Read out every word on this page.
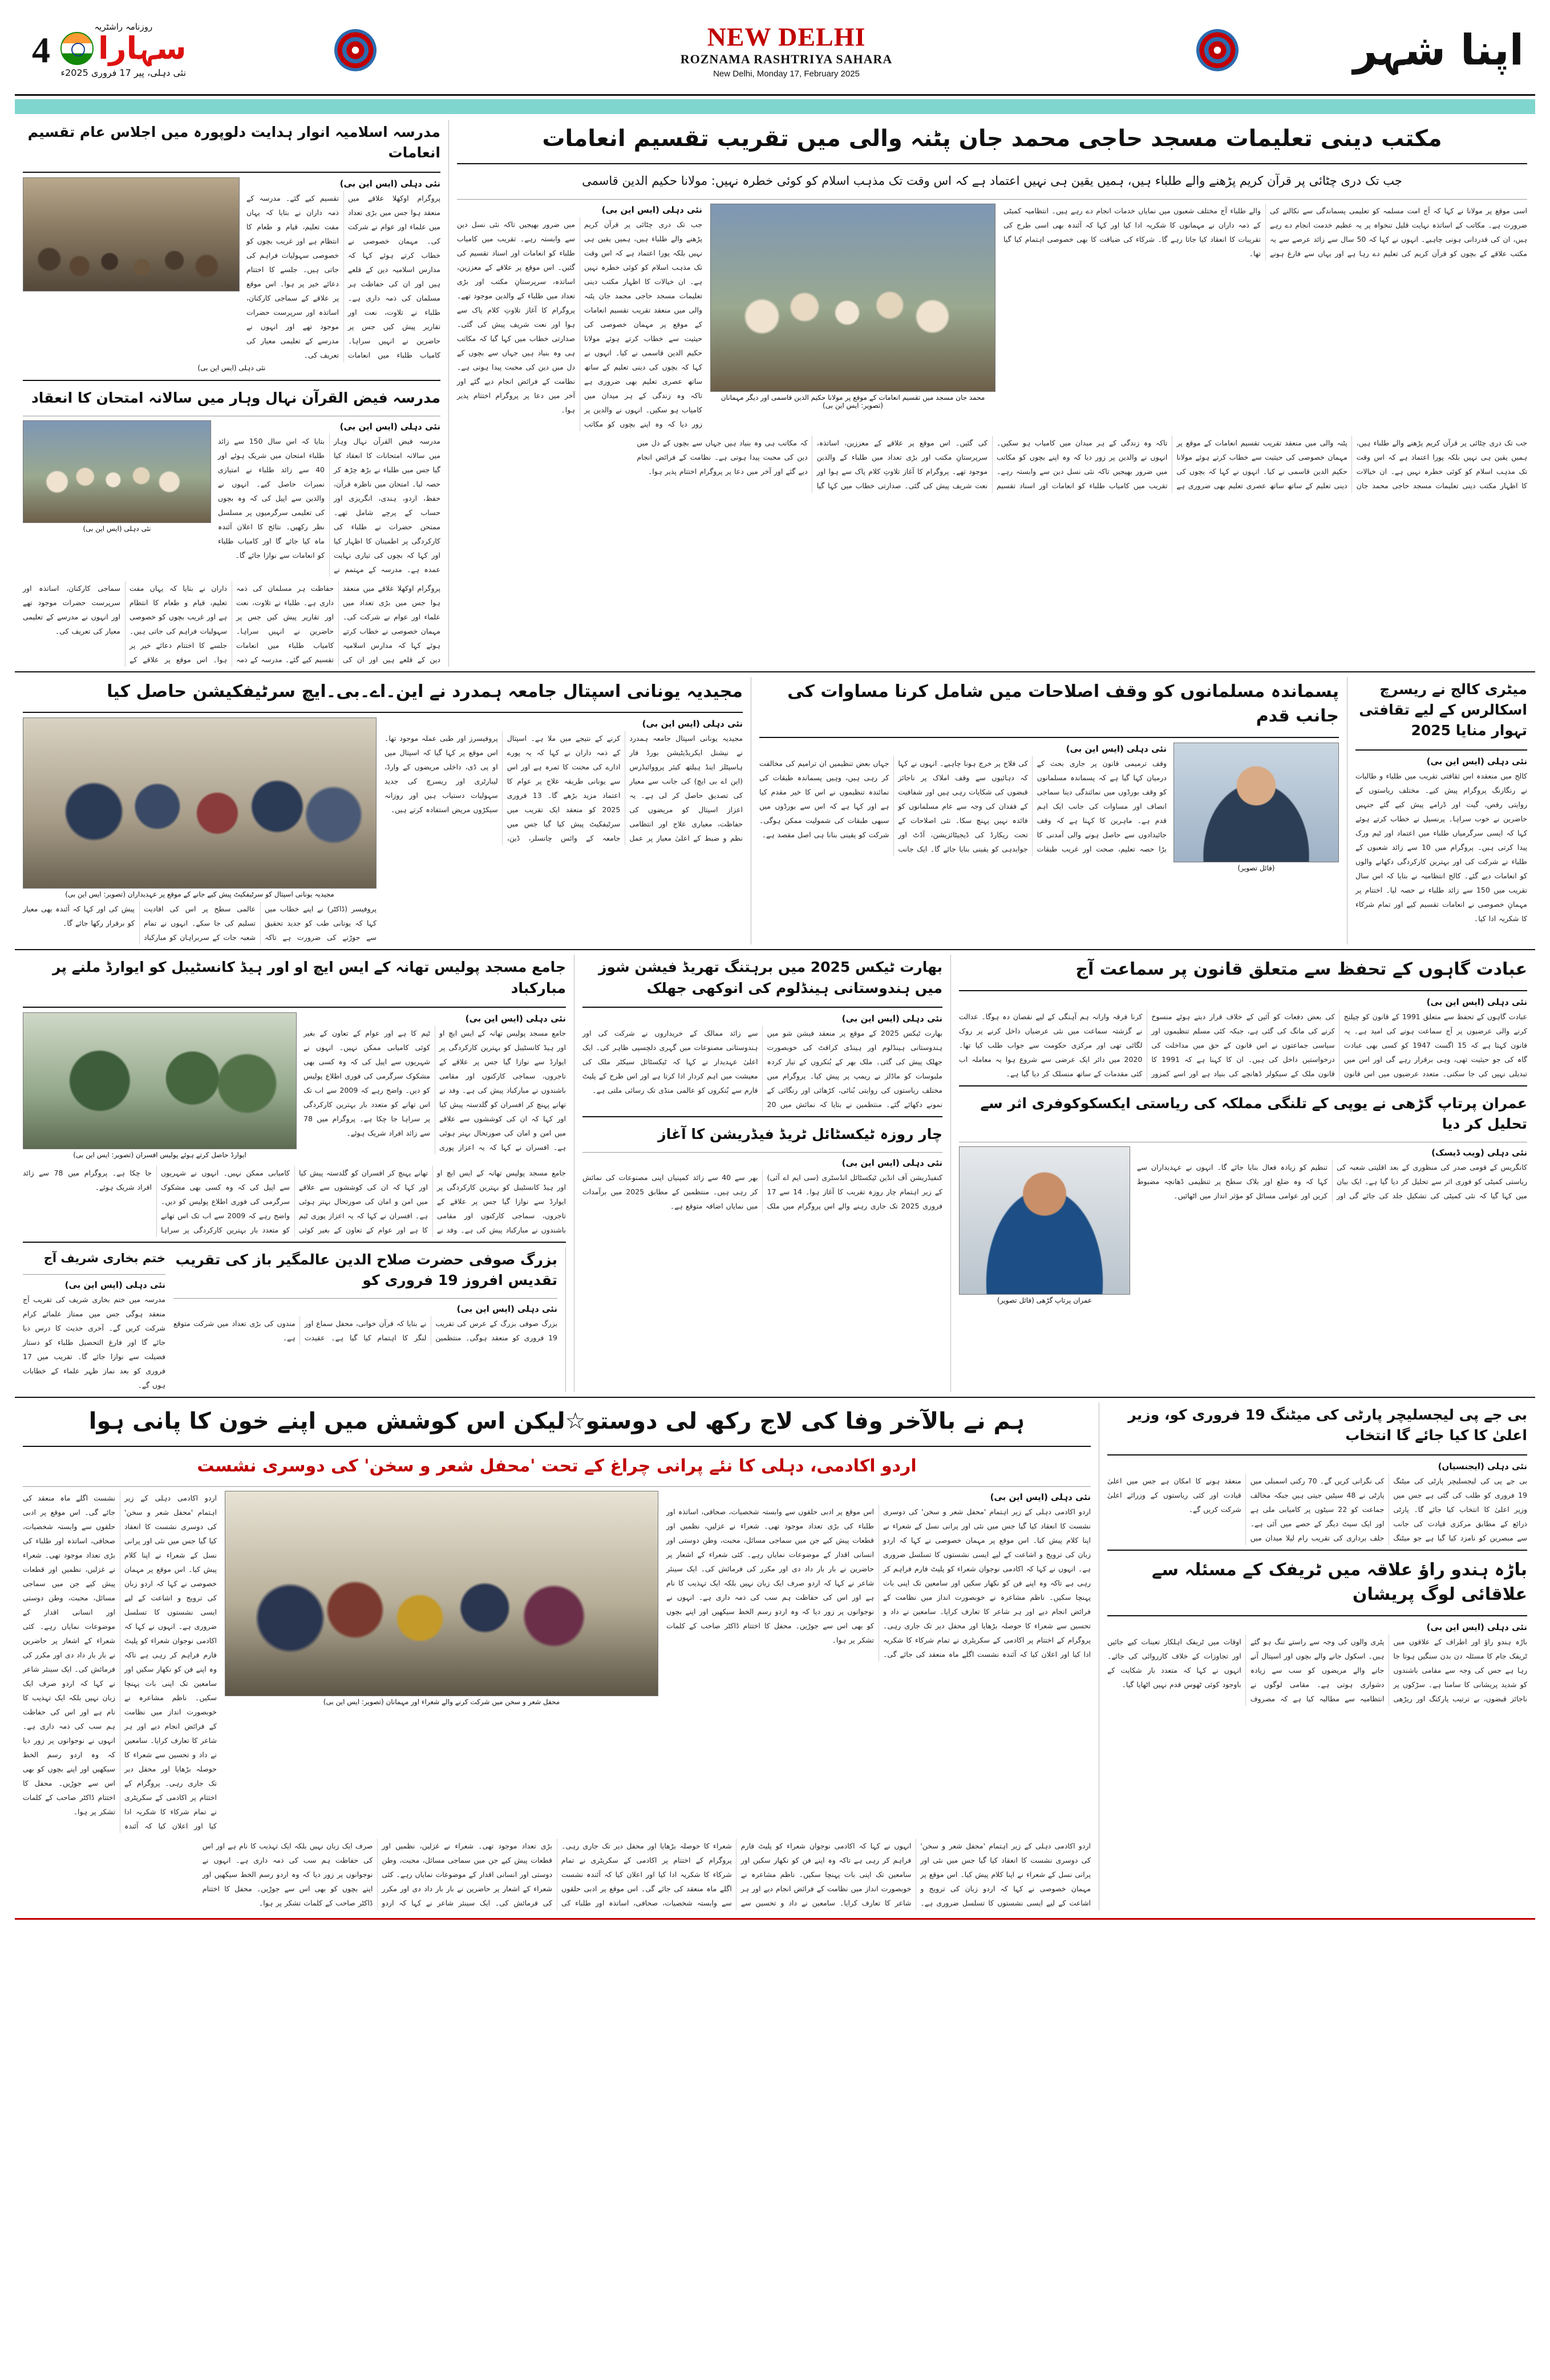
4
روزنامہ راشٹریہ
سہارا
نئی دہلی، پیر 17 فروری 2025ء
NEW DELHI
ROZNAMA RASHTRIYA SAHARA
New Delhi, Monday 17, February 2025	اپنا شہر
مدرسہ اسلامیہ انوار ہدایت دلوپورہ میں اجلاس عام تقسیم انعامات
نئی دہلی (ایس این بی)
پروگرام اوکھلا علاقے میں منعقد ہوا جس میں بڑی تعداد میں علماء اور عوام نے شرکت کی۔ مہمان خصوصی نے خطاب کرتے ہوئے کہا کہ مدارس اسلامیہ دین کے قلعے ہیں اور ان کی حفاظت ہر مسلمان کی ذمہ داری ہے۔ طلباء نے تلاوت، نعت اور تقاریر پیش کیں جس پر حاضرین نے انہیں سراہا۔ کامیاب طلباء میں انعامات تقسیم کیے گئے۔ مدرسہ کے ذمہ داران نے بتایا کہ یہاں مفت تعلیم، قیام و طعام کا انتظام ہے اور غریب بچوں کو خصوصی سہولیات فراہم کی جاتی ہیں۔ جلسے کا اختتام دعائے خیر پر ہوا۔ اس موقع پر علاقے کے سماجی کارکنان، اساتذہ اور سرپرست حضرات موجود تھے اور انہوں نے مدرسے کے تعلیمی معیار کی تعریف کی۔
نئی دہلی (ایس این بی)
مدرسہ فیض القرآن نہال وہار میں سالانہ امتحان کا انعقاد
نئی دہلی (ایس این بی)
نئی دہلی (ایس این بی)
مدرسہ فیض القرآن نہال وہار میں سالانہ امتحانات کا انعقاد کیا گیا جس میں طلباء نے بڑھ چڑھ کر حصہ لیا۔ امتحان میں ناظرہ قرآن، حفظ، اردو، ہندی، انگریزی اور حساب کے پرچے شامل تھے۔ ممتحن حضرات نے طلباء کی کارکردگی پر اطمینان کا اظہار کیا اور کہا کہ بچوں کی تیاری نہایت عمدہ ہے۔ مدرسہ کے مہتمم نے بتایا کہ اس سال 150 سے زائد طلباء امتحان میں شریک ہوئے اور 40 سے زائد طلباء نے امتیازی نمبرات حاصل کیے۔ انہوں نے والدین سے اپیل کی کہ وہ بچوں کی تعلیمی سرگرمیوں پر مسلسل نظر رکھیں۔ نتائج کا اعلان آئندہ ماہ کیا جائے گا اور کامیاب طلباء کو انعامات سے نوازا جائے گا۔
پروگرام اوکھلا علاقے میں منعقد ہوا جس میں بڑی تعداد میں علماء اور عوام نے شرکت کی۔ مہمان خصوصی نے خطاب کرتے ہوئے کہا کہ مدارس اسلامیہ دین کے قلعے ہیں اور ان کی حفاظت ہر مسلمان کی ذمہ داری ہے۔ طلباء نے تلاوت، نعت اور تقاریر پیش کیں جس پر حاضرین نے انہیں سراہا۔ کامیاب طلباء میں انعامات تقسیم کیے گئے۔ مدرسہ کے ذمہ داران نے بتایا کہ یہاں مفت تعلیم، قیام و طعام کا انتظام ہے اور غریب بچوں کو خصوصی سہولیات فراہم کی جاتی ہیں۔ جلسے کا اختتام دعائے خیر پر ہوا۔ اس موقع پر علاقے کے سماجی کارکنان، اساتذہ اور سرپرست حضرات موجود تھے اور انہوں نے مدرسے کے تعلیمی معیار کی تعریف کی۔
مکتب دینی تعلیمات مسجد حاجی محمد جان پٹنہ والی میں تقریب تقسیم انعامات
جب تک دری چٹائی پر قرآن کریم پڑھنے والے طلباء ہیں، ہمیں یقین ہی نہیں اعتماد ہے کہ اس وقت تک مذہب اسلام کو کوئی خطرہ نہیں: مولانا حکیم الدین قاسمی
نئی دہلی (ایس این بی)
جب تک دری چٹائی پر قرآن کریم پڑھنے والے طلباء ہیں، ہمیں یقین ہی نہیں بلکہ پورا اعتماد ہے کہ اس وقت تک مذہب اسلام کو کوئی خطرہ نہیں ہے۔ ان خیالات کا اظہار مکتب دینی تعلیمات مسجد حاجی محمد جان پٹنہ والی میں منعقد تقریب تقسیم انعامات کے موقع پر مہمان خصوصی کی حیثیت سے خطاب کرتے ہوئے مولانا حکیم الدین قاسمی نے کیا۔ انہوں نے کہا کہ بچوں کی دینی تعلیم کے ساتھ ساتھ عصری تعلیم بھی ضروری ہے تاکہ وہ زندگی کے ہر میدان میں کامیاب ہو سکیں۔ انہوں نے والدین پر زور دیا کہ وہ اپنے بچوں کو مکاتب میں ضرور بھیجیں تاکہ نئی نسل دین سے وابستہ رہے۔ تقریب میں کامیاب طلباء کو انعامات اور اسناد تقسیم کی گئیں۔ اس موقع پر علاقے کے معززین، اساتذہ، سرپرستانِ مکتب اور بڑی تعداد میں طلباء کے والدین موجود تھے۔ پروگرام کا آغاز تلاوتِ کلام پاک سے ہوا اور نعت شریف پیش کی گئی۔ صدارتی خطاب میں کہا گیا کہ مکاتب ہی وہ بنیاد ہیں جہاں سے بچوں کے دل میں دین کی محبت پیدا ہوتی ہے۔ نظامت کے فرائض انجام دیے گئے اور آخر میں دعا پر پروگرام اختتام پذیر ہوا۔
محمد جان مسجد میں تقسیم انعامات کے موقع پر مولانا حکیم الدین قاسمی اور دیگر مہمانان (تصویر: ایس این بی)
اسی موقع پر مولانا نے کہا کہ آج امت مسلمہ کو تعلیمی پسماندگی سے نکالنے کی ضرورت ہے۔ مکاتب کے اساتذہ نہایت قلیل تنخواہ پر یہ عظیم خدمت انجام دے رہے ہیں، ان کی قدردانی ہونی چاہیے۔ انہوں نے کہا کہ 50 سال سے زائد عرصے سے یہ مکتب علاقے کے بچوں کو قرآن کریم کی تعلیم دے رہا ہے اور یہاں سے فارغ ہونے والے طلباء آج مختلف شعبوں میں نمایاں خدمات انجام دے رہے ہیں۔ انتظامیہ کمیٹی کے ذمہ داران نے مہمانوں کا شکریہ ادا کیا اور کہا کہ آئندہ بھی اسی طرح کی تقریبات کا انعقاد کیا جاتا رہے گا۔ شرکاء کی ضیافت کا بھی خصوصی اہتمام کیا گیا تھا۔
جب تک دری چٹائی پر قرآن کریم پڑھنے والے طلباء ہیں، ہمیں یقین ہی نہیں بلکہ پورا اعتماد ہے کہ اس وقت تک مذہب اسلام کو کوئی خطرہ نہیں ہے۔ ان خیالات کا اظہار مکتب دینی تعلیمات مسجد حاجی محمد جان پٹنہ والی میں منعقد تقریب تقسیم انعامات کے موقع پر مہمان خصوصی کی حیثیت سے خطاب کرتے ہوئے مولانا حکیم الدین قاسمی نے کیا۔ انہوں نے کہا کہ بچوں کی دینی تعلیم کے ساتھ ساتھ عصری تعلیم بھی ضروری ہے تاکہ وہ زندگی کے ہر میدان میں کامیاب ہو سکیں۔ انہوں نے والدین پر زور دیا کہ وہ اپنے بچوں کو مکاتب میں ضرور بھیجیں تاکہ نئی نسل دین سے وابستہ رہے۔ تقریب میں کامیاب طلباء کو انعامات اور اسناد تقسیم کی گئیں۔ اس موقع پر علاقے کے معززین، اساتذہ، سرپرستانِ مکتب اور بڑی تعداد میں طلباء کے والدین موجود تھے۔ پروگرام کا آغاز تلاوتِ کلام پاک سے ہوا اور نعت شریف پیش کی گئی۔ صدارتی خطاب میں کہا گیا کہ مکاتب ہی وہ بنیاد ہیں جہاں سے بچوں کے دل میں دین کی محبت پیدا ہوتی ہے۔ نظامت کے فرائض انجام دیے گئے اور آخر میں دعا پر پروگرام اختتام پذیر ہوا۔
مجیدیہ یونانی اسپتال جامعہ ہمدرد نے این۔اے۔بی۔ایچ سرٹیفکیشن حاصل کیا
مجیدیہ یونانی اسپتال کو سرٹیفکیٹ پیش کیے جانے کے موقع پر عہدیداران (تصویر: ایس این بی)
پروفیسر (ڈاکٹر) نے اپنے خطاب میں کہا کہ یونانی طب کو جدید تحقیق سے جوڑنے کی ضرورت ہے تاکہ عالمی سطح پر اس کی افادیت تسلیم کی جا سکے۔ انہوں نے تمام شعبہ جات کے سربراہان کو مبارکباد پیش کی اور کہا کہ آئندہ بھی معیار کو برقرار رکھا جائے گا۔
نئی دہلی (ایس این بی)
مجیدیہ یونانی اسپتال جامعہ ہمدرد نے نیشنل ایکریڈیٹیشن بورڈ فار ہاسپٹلز اینڈ ہیلتھ کیئر پرووائیڈرس (این اے بی ایچ) کی جانب سے معیار کی تصدیق حاصل کر لی ہے۔ یہ اعزاز اسپتال کو مریضوں کی حفاظت، معیاری علاج اور انتظامی نظم و ضبط کے اعلیٰ معیار پر عمل کرنے کے نتیجے میں ملا ہے۔ اسپتال کے ذمہ داران نے کہا کہ یہ پورے ادارے کی محنت کا ثمرہ ہے اور اس سے یونانی طریقہ علاج پر عوام کا اعتماد مزید بڑھے گا۔ 13 فروری 2025 کو منعقد ایک تقریب میں سرٹیفکیٹ پیش کیا گیا جس میں جامعہ کے وائس چانسلر، ڈین، پروفیسرز اور طبی عملہ موجود تھا۔ اس موقع پر کہا گیا کہ اسپتال میں او پی ڈی، داخلی مریضوں کے وارڈ، لیبارٹری اور ریسرچ کی جدید سہولیات دستیاب ہیں اور روزانہ سیکڑوں مریض استفادہ کرتے ہیں۔
پسماندہ مسلمانوں کو وقف اصلاحات میں شامل کرنا مساوات کی جانب قدم
نئی دہلی (ایس این بی)
وقف ترمیمی قانون پر جاری بحث کے درمیان کہا گیا ہے کہ پسماندہ مسلمانوں کو وقف بورڈوں میں نمائندگی دینا سماجی انصاف اور مساوات کی جانب ایک اہم قدم ہے۔ ماہرین کا کہنا ہے کہ وقف جائیدادوں سے حاصل ہونے والی آمدنی کا بڑا حصہ تعلیم، صحت اور غریب طبقات کی فلاح پر خرچ ہونا چاہیے۔ انہوں نے کہا کہ دہائیوں سے وقف املاک پر ناجائز قبضوں کی شکایات رہی ہیں اور شفافیت کے فقدان کی وجہ سے عام مسلمانوں کو فائدہ نہیں پہنچ سکا۔ نئی اصلاحات کے تحت ریکارڈ کی ڈیجیٹائزیشن، آڈٹ اور جوابدہی کو یقینی بنایا جائے گا۔ ایک جانب جہاں بعض تنظیمیں ان ترامیم کی مخالفت کر رہی ہیں، وہیں پسماندہ طبقات کی نمائندہ تنظیموں نے اس کا خیر مقدم کیا ہے اور کہا ہے کہ اس سے بورڈوں میں سبھی طبقات کی شمولیت ممکن ہوگی۔ شرکت کو یقینی بنانا ہی اصل مقصد ہے۔
(فائل تصویر)
میٹری کالج نے ریسرچ اسکالرس کے لیے تقافتی تہوار منایا 2025
نئی دہلی (ایس این بی)
کالج میں منعقدہ اس ثقافتی تقریب میں طلباء و طالبات نے رنگارنگ پروگرام پیش کیے۔ مختلف ریاستوں کے روایتی رقص، گیت اور ڈرامے پیش کیے گئے جنہیں حاضرین نے خوب سراہا۔ پرنسپل نے خطاب کرتے ہوئے کہا کہ ایسی سرگرمیاں طلباء میں اعتماد اور ٹیم ورک پیدا کرتی ہیں۔ پروگرام میں 10 سے زائد شعبوں کے طلباء نے شرکت کی اور بہترین کارکردگی دکھانے والوں کو انعامات دیے گئے۔ کالج انتظامیہ نے بتایا کہ اس سال تقریب میں 150 سے زائد طلباء نے حصہ لیا۔ اختتام پر مہمانِ خصوصی نے انعامات تقسیم کیے اور تمام شرکاء کا شکریہ ادا کیا۔
جامع مسجد پولیس تھانہ کے ایس ایچ او اور ہیڈ کانسٹیبل کو ایوارڈ ملنے پر مبارکباد
ایوارڈ حاصل کرتے ہوئے پولیس افسران (تصویر: ایس این بی)
نئی دہلی (ایس این بی)
جامع مسجد پولیس تھانہ کے ایس ایچ او اور ہیڈ کانسٹیبل کو بہترین کارکردگی پر ایوارڈ سے نوازا گیا جس پر علاقے کے تاجروں، سماجی کارکنوں اور مقامی باشندوں نے مبارکباد پیش کی ہے۔ وفد نے تھانے پہنچ کر افسران کو گلدستہ پیش کیا اور کہا کہ ان کی کوششوں سے علاقے میں امن و امان کی صورتحال بہتر ہوئی ہے۔ افسران نے کہا کہ یہ اعزاز پوری ٹیم کا ہے اور عوام کے تعاون کے بغیر کوئی کامیابی ممکن نہیں۔ انہوں نے شہریوں سے اپیل کی کہ وہ کسی بھی مشکوک سرگرمی کی فوری اطلاع پولیس کو دیں۔ واضح رہے کہ 2009 سے اب تک اس تھانے کو متعدد بار بہترین کارکردگی پر سراہا جا چکا ہے۔ پروگرام میں 78 سے زائد افراد شریک ہوئے۔
جامع مسجد پولیس تھانہ کے ایس ایچ او اور ہیڈ کانسٹیبل کو بہترین کارکردگی پر ایوارڈ سے نوازا گیا جس پر علاقے کے تاجروں، سماجی کارکنوں اور مقامی باشندوں نے مبارکباد پیش کی ہے۔ وفد نے تھانے پہنچ کر افسران کو گلدستہ پیش کیا اور کہا کہ ان کی کوششوں سے علاقے میں امن و امان کی صورتحال بہتر ہوئی ہے۔ افسران نے کہا کہ یہ اعزاز پوری ٹیم کا ہے اور عوام کے تعاون کے بغیر کوئی کامیابی ممکن نہیں۔ انہوں نے شہریوں سے اپیل کی کہ وہ کسی بھی مشکوک سرگرمی کی فوری اطلاع پولیس کو دیں۔ واضح رہے کہ 2009 سے اب تک اس تھانے کو متعدد بار بہترین کارکردگی پر سراہا جا چکا ہے۔ پروگرام میں 78 سے زائد افراد شریک ہوئے۔
ختم بخاری شریف آج
نئی دہلی (ایس این بی)
مدرسہ میں ختم بخاری شریف کی تقریب آج منعقد ہوگی جس میں ممتاز علمائے کرام شرکت کریں گے۔ آخری حدیث کا درس دیا جائے گا اور فارغ التحصیل طلباء کو دستار فضیلت سے نوازا جائے گا۔ تقریب میں 17 فروری کو بعد نماز ظہر علماء کے خطابات ہوں گے۔
بزرگ صوفی حضرت صلاح الدین عالمگیر باز کی تقریب تقدیس افروز 19 فروری کو
نئی دہلی (ایس این بی)
بزرگ صوفی بزرگ کے عرس کی تقریب 19 فروری کو منعقد ہوگی۔ منتظمین نے بتایا کہ قرآن خوانی، محفل سماع اور لنگر کا اہتمام کیا گیا ہے۔ عقیدت مندوں کی بڑی تعداد میں شرکت متوقع ہے۔
بھارت ٹیکس 2025 میں برہتنگ تھریڈ فیشن شوز میں ہندوستانی ہینڈلوم کی انوکھی جھلک
نئی دہلی (ایس این بی)
بھارت ٹیکس 2025 کے موقع پر منعقد فیشن شو میں ہندوستانی ہینڈلوم اور ہینڈی کرافٹ کی خوبصورت جھلک پیش کی گئی۔ ملک بھر کے بُنکروں کے تیار کردہ ملبوسات کو ماڈلز نے ریمپ پر پیش کیا۔ پروگرام میں مختلف ریاستوں کی روایتی بُنائی، کڑھائی اور رنگائی کے نمونے دکھائے گئے۔ منتظمین نے بتایا کہ نمائش میں 20 سے زائد ممالک کے خریداروں نے شرکت کی اور ہندوستانی مصنوعات میں گہری دلچسپی ظاہر کی۔ ایک اعلیٰ عہدیدار نے کہا کہ ٹیکسٹائل سیکٹر ملک کی معیشت میں اہم کردار ادا کرتا ہے اور اس طرح کے پلیٹ فارم سے بُنکروں کو عالمی منڈی تک رسائی ملتی ہے۔
چار روزہ ٹیکسٹائل ٹریڈ فیڈریشن کا آغاز
نئی دہلی (ایس این بی)
کنفیڈریشن آف انڈین ٹیکسٹائل انڈسٹری (سی ایم اے آئی) کے زیر اہتمام چار روزہ تقریب کا آغاز ہوا۔ 14 سے 17 فروری 2025 تک جاری رہنے والے اس پروگرام میں ملک بھر سے 40 سے زائد کمپنیاں اپنی مصنوعات کی نمائش کر رہی ہیں۔ منتظمین کے مطابق 2025 میں برآمدات میں نمایاں اضافہ متوقع ہے۔
عبادت گاہوں کے تحفظ سے متعلق قانون پر سماعت آج
نئی دہلی (ایس این بی)
عبادت گاہوں کے تحفظ سے متعلق 1991 کے قانون کو چیلنج کرنے والی عرضیوں پر آج سماعت ہونے کی امید ہے۔ یہ قانون کہتا ہے کہ 15 اگست 1947 کو کسی بھی عبادت گاہ کی جو حیثیت تھی، وہی برقرار رہے گی اور اس میں تبدیلی نہیں کی جا سکتی۔ متعدد عرضیوں میں اس قانون کی بعض دفعات کو آئین کے خلاف قرار دیتے ہوئے منسوخ کرنے کی مانگ کی گئی ہے، جبکہ کئی مسلم تنظیموں اور سیاسی جماعتوں نے اس قانون کے حق میں مداخلت کی درخواستیں داخل کی ہیں۔ ان کا کہنا ہے کہ 1991 کا قانون ملک کے سیکولر ڈھانچے کی بنیاد ہے اور اسے کمزور کرنا فرقہ وارانہ ہم آہنگی کے لیے نقصان دہ ہوگا۔ عدالت نے گزشتہ سماعت میں نئی عرضیاں داخل کرنے پر روک لگائی تھی اور مرکزی حکومت سے جواب طلب کیا تھا۔ 2020 میں دائر ایک عرضی سے شروع ہوا یہ معاملہ اب کئی مقدمات کے ساتھ منسلک کر دیا گیا ہے۔
عمران پرتاپ گڑھی نے یوپی کے تلنگی مملکہ کی ریاستی ایکسکوکوفری اثر سے تحلیل کر دیا
عمران پرتاپ گڑھی (فائل تصویر)
نئی دہلی (ویب ڈیسک)
کانگریس کے قومی صدر کی منظوری کے بعد اقلیتی شعبہ کی ریاستی کمیٹی کو فوری اثر سے تحلیل کر دیا گیا ہے۔ ایک بیان میں کہا گیا کہ نئی کمیٹی کی تشکیل جلد کی جائے گی اور تنظیم کو زیادہ فعال بنایا جائے گا۔ انہوں نے عہدیداران سے کہا کہ وہ ضلع اور بلاک سطح پر تنظیمی ڈھانچہ مضبوط کریں اور عوامی مسائل کو مؤثر انداز میں اٹھائیں۔
ہم نے بالآخر وفا کی لاج رکھ لی دوستو☆لیکن اس کوشش میں اپنے خون کا پانی ہوا
اردو اکادمی، دہلی کا نئے پرانی چراغ کے تحت 'محفل شعر و سخن' کی دوسری نشست
اردو اکادمی دہلی کے زیر اہتمام 'محفل شعر و سخن' کی دوسری نشست کا انعقاد کیا گیا جس میں نئی اور پرانی نسل کے شعراء نے اپنا کلام پیش کیا۔ اس موقع پر مہمان خصوصی نے کہا کہ اردو زبان کی ترویج و اشاعت کے لیے ایسی نشستوں کا تسلسل ضروری ہے۔ انہوں نے کہا کہ اکادمی نوجوان شعراء کو پلیٹ فارم فراہم کر رہی ہے تاکہ وہ اپنے فن کو نکھار سکیں اور سامعین تک اپنی بات پہنچا سکیں۔ ناظم مشاعرہ نے خوبصورت انداز میں نظامت کے فرائض انجام دیے اور ہر شاعر کا تعارف کرایا۔ سامعین نے داد و تحسین سے شعراء کا حوصلہ بڑھایا اور محفل دیر تک جاری رہی۔ پروگرام کے اختتام پر اکادمی کے سکریٹری نے تمام شرکاء کا شکریہ ادا کیا اور اعلان کیا کہ آئندہ نشست اگلے ماہ منعقد کی جائے گی۔ اس موقع پر ادبی حلقوں سے وابستہ شخصیات، صحافی، اساتذہ اور طلباء کی بڑی تعداد موجود تھی۔ شعراء نے غزلیں، نظمیں اور قطعات پیش کیے جن میں سماجی مسائل، محبت، وطن دوستی اور انسانی اقدار کے موضوعات نمایاں رہے۔ کئی شعراء کے اشعار پر حاضرین نے بار بار داد دی اور مکرر کی فرمائش کی۔ ایک سینئر شاعر نے کہا کہ اردو صرف ایک زبان نہیں بلکہ ایک تہذیب کا نام ہے اور اس کی حفاظت ہم سب کی ذمہ داری ہے۔ انہوں نے نوجوانوں پر زور دیا کہ وہ اردو رسم الخط سیکھیں اور اپنے بچوں کو بھی اس سے جوڑیں۔ محفل کا اختتام ڈاکٹر صاحب کے کلمات تشکر پر ہوا۔
محفل شعر و سخن میں شرکت کرنے والے شعراء اور مہمانان (تصویر: ایس این بی)
نئی دہلی (ایس این بی)
اردو اکادمی دہلی کے زیر اہتمام 'محفل شعر و سخن' کی دوسری نشست کا انعقاد کیا گیا جس میں نئی اور پرانی نسل کے شعراء نے اپنا کلام پیش کیا۔ اس موقع پر مہمان خصوصی نے کہا کہ اردو زبان کی ترویج و اشاعت کے لیے ایسی نشستوں کا تسلسل ضروری ہے۔ انہوں نے کہا کہ اکادمی نوجوان شعراء کو پلیٹ فارم فراہم کر رہی ہے تاکہ وہ اپنے فن کو نکھار سکیں اور سامعین تک اپنی بات پہنچا سکیں۔ ناظم مشاعرہ نے خوبصورت انداز میں نظامت کے فرائض انجام دیے اور ہر شاعر کا تعارف کرایا۔ سامعین نے داد و تحسین سے شعراء کا حوصلہ بڑھایا اور محفل دیر تک جاری رہی۔ پروگرام کے اختتام پر اکادمی کے سکریٹری نے تمام شرکاء کا شکریہ ادا کیا اور اعلان کیا کہ آئندہ نشست اگلے ماہ منعقد کی جائے گی۔ اس موقع پر ادبی حلقوں سے وابستہ شخصیات، صحافی، اساتذہ اور طلباء کی بڑی تعداد موجود تھی۔ شعراء نے غزلیں، نظمیں اور قطعات پیش کیے جن میں سماجی مسائل، محبت، وطن دوستی اور انسانی اقدار کے موضوعات نمایاں رہے۔ کئی شعراء کے اشعار پر حاضرین نے بار بار داد دی اور مکرر کی فرمائش کی۔ ایک سینئر شاعر نے کہا کہ اردو صرف ایک زبان نہیں بلکہ ایک تہذیب کا نام ہے اور اس کی حفاظت ہم سب کی ذمہ داری ہے۔ انہوں نے نوجوانوں پر زور دیا کہ وہ اردو رسم الخط سیکھیں اور اپنے بچوں کو بھی اس سے جوڑیں۔ محفل کا اختتام ڈاکٹر صاحب کے کلمات تشکر پر ہوا۔
اردو اکادمی دہلی کے زیر اہتمام 'محفل شعر و سخن' کی دوسری نشست کا انعقاد کیا گیا جس میں نئی اور پرانی نسل کے شعراء نے اپنا کلام پیش کیا۔ اس موقع پر مہمان خصوصی نے کہا کہ اردو زبان کی ترویج و اشاعت کے لیے ایسی نشستوں کا تسلسل ضروری ہے۔ انہوں نے کہا کہ اکادمی نوجوان شعراء کو پلیٹ فارم فراہم کر رہی ہے تاکہ وہ اپنے فن کو نکھار سکیں اور سامعین تک اپنی بات پہنچا سکیں۔ ناظم مشاعرہ نے خوبصورت انداز میں نظامت کے فرائض انجام دیے اور ہر شاعر کا تعارف کرایا۔ سامعین نے داد و تحسین سے شعراء کا حوصلہ بڑھایا اور محفل دیر تک جاری رہی۔ پروگرام کے اختتام پر اکادمی کے سکریٹری نے تمام شرکاء کا شکریہ ادا کیا اور اعلان کیا کہ آئندہ نشست اگلے ماہ منعقد کی جائے گی۔ اس موقع پر ادبی حلقوں سے وابستہ شخصیات، صحافی، اساتذہ اور طلباء کی بڑی تعداد موجود تھی۔ شعراء نے غزلیں، نظمیں اور قطعات پیش کیے جن میں سماجی مسائل، محبت، وطن دوستی اور انسانی اقدار کے موضوعات نمایاں رہے۔ کئی شعراء کے اشعار پر حاضرین نے بار بار داد دی اور مکرر کی فرمائش کی۔ ایک سینئر شاعر نے کہا کہ اردو صرف ایک زبان نہیں بلکہ ایک تہذیب کا نام ہے اور اس کی حفاظت ہم سب کی ذمہ داری ہے۔ انہوں نے نوجوانوں پر زور دیا کہ وہ اردو رسم الخط سیکھیں اور اپنے بچوں کو بھی اس سے جوڑیں۔ محفل کا اختتام ڈاکٹر صاحب کے کلمات تشکر پر ہوا۔
بی جے پی لیجسلیچر پارٹی کی میٹنگ 19 فروری کو، وزیر اعلیٰ کا کیا جائے گا انتخاب
نئی دہلی (ایجنسیاں)
بی جے پی کی لیجسلیچر پارٹی کی میٹنگ 19 فروری کو طلب کی گئی ہے جس میں وزیر اعلیٰ کا انتخاب کیا جائے گا۔ پارٹی ذرائع کے مطابق مرکزی قیادت کی جانب سے مبصرین کو نامزد کیا گیا ہے جو میٹنگ کی نگرانی کریں گے۔ 70 رکنی اسمبلی میں پارٹی نے 48 سیٹیں جیتی ہیں جبکہ مخالف جماعت کو 22 سیٹوں پر کامیابی ملی ہے اور ایک سیٹ دیگر کے حصے میں آئی ہے۔ حلف برداری کی تقریب رام لیلا میدان میں منعقد ہونے کا امکان ہے جس میں اعلیٰ قیادت اور کئی ریاستوں کے وزرائے اعلیٰ شرکت کریں گے۔
باڑہ ہندو راؤ علاقہ میں ٹریفک کے مسئلہ سے علاقائی لوگ پریشان
نئی دہلی (ایس این بی)
باڑہ ہندو راؤ اور اطراف کے علاقوں میں ٹریفک جام کا مسئلہ دن بدن سنگین ہوتا جا رہا ہے جس کی وجہ سے مقامی باشندوں کو شدید پریشانی کا سامنا ہے۔ سڑکوں پر ناجائز قبضوں، بے ترتیب پارکنگ اور ریڑھی پٹری والوں کی وجہ سے راستے تنگ ہو گئے ہیں۔ اسکول جانے والے بچوں اور اسپتال آنے جانے والے مریضوں کو سب سے زیادہ دشواری ہوتی ہے۔ مقامی لوگوں نے انتظامیہ سے مطالبہ کیا ہے کہ مصروف اوقات میں ٹریفک اہلکار تعینات کیے جائیں اور تجاوزات کے خلاف کارروائی کی جائے۔ انہوں نے کہا کہ متعدد بار شکایت کے باوجود کوئی ٹھوس قدم نہیں اٹھایا گیا۔
